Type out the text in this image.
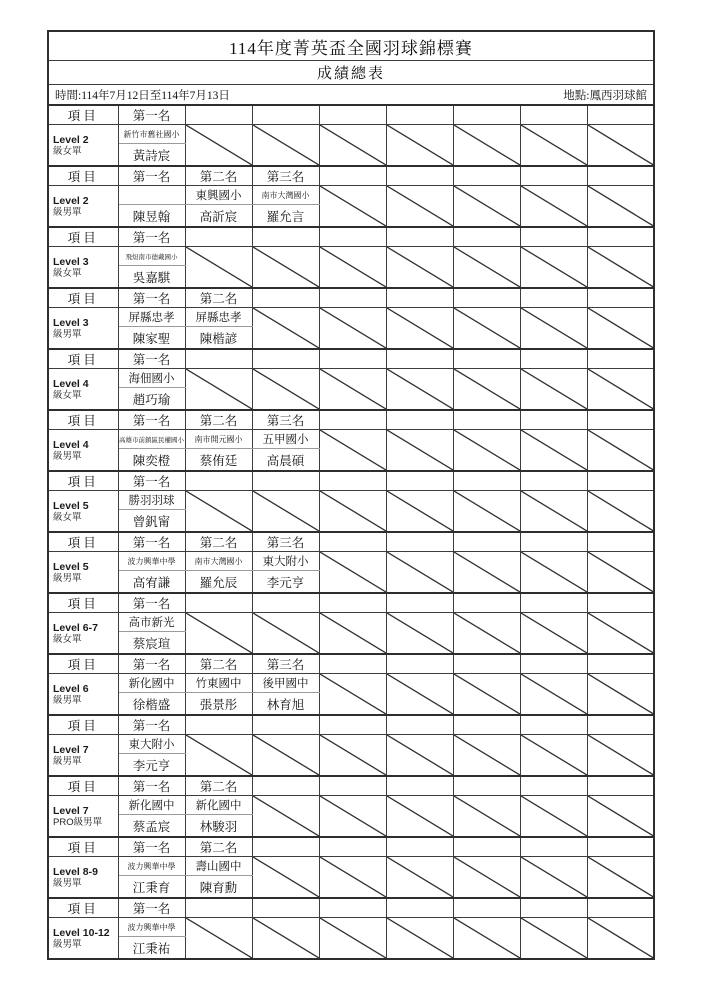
114年度菁英盃全國羽球錦標賽								
成績總表								

時間:114年7月12日至114年7月13日 地點:鳳西羽球館								

項目	第一名							

Level 2
級女單	新竹市舊社國小	

	黃詩宸							
項目	第一名	第二名	第三名					

Level 2
級男單		東興國小	南市大灣國小	

	陳昱翰	高訢宸	羅允言					
項目	第一名							

Level 3
級女單	飛炟南市德戴國小	

	吳嘉騏							
項目	第一名	第二名						

Level 3
級男單	屏縣忠孝	屏縣忠孝	

	陳家聖	陳楷諺						
項目	第一名							

Level 4
級女單	海佃國小	

	趙巧瑜							
項目	第一名	第二名	第三名					

Level 4
級男單	高雄市前鎮區民權國小	南市開元國小	五甲國小	

	陳奕橙	蔡侑廷	高晨碩					
項目	第一名							

Level 5
級女單	勝羽羽球	

	曾釩甯							
項目	第一名	第二名	第三名					

Level 5
級男單	波力興華中學	南市大灣國小	東大附小	

	高宥謙	羅允辰	李元亨					
項目	第一名							

Level 6-7
級女單	高市新光	

	蔡宸瑄							
項目	第一名	第二名	第三名					

Level 6
級男單	新化國中	竹東國中	後甲國中	

	徐楷盛	張景彤	林育旭					
項目	第一名							

Level 7
級男單	東大附小	

	李元亨							
項目	第一名	第二名						

Level 7
PRO級男單	新化國中	新化國中	

	蔡孟宸	林駿羽						
項目	第一名	第二名						

Level 8-9
級男單	波力興華中學	壽山國中	

	江秉育	陳育勳						
項目	第一名							

Level 10-12
級男單	波力興華中學	

	江秉祐							
